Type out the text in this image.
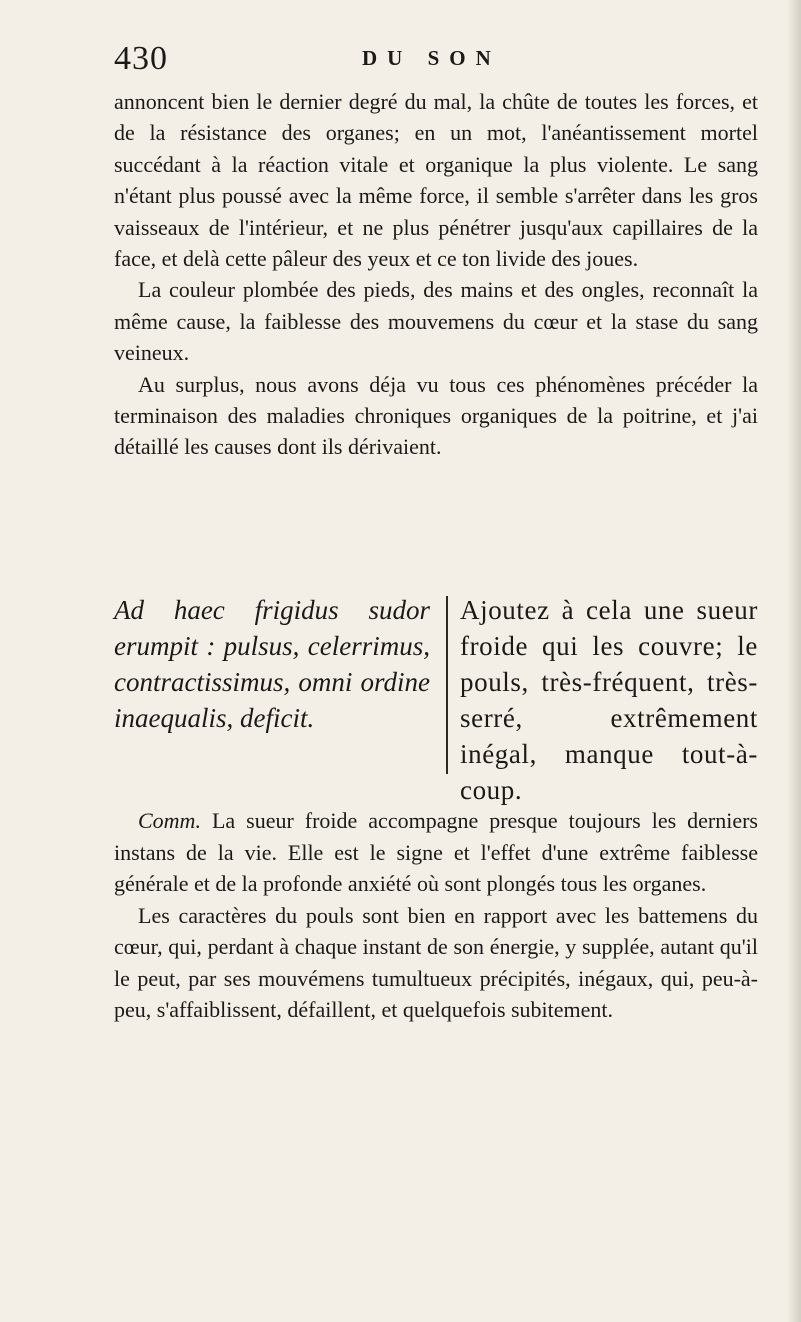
430	DU SON

annoncent bien le dernier degré du mal, la chûte de toutes les forces, et de la résistance des organes; en un mot, l'anéantissement mortel succédant à la réaction vitale et organique la plus violente. Le sang n'étant plus poussé avec la même force, il semble s'arrêter dans les gros vaisseaux de l'intérieur, et ne plus pénétrer jusqu'aux capillaires de la face, et delà cette pâleur des yeux et ce ton livide des joues.

La couleur plombée des pieds, des mains et des ongles, reconnaît la même cause, la faiblesse des mouvemens du cœur et la stase du sang veineux.

Au surplus, nous avons déja vu tous ces phénomènes précéder la terminaison des maladies chroniques organiques de la poitrine, et j'ai détaillé les causes dont ils dérivaient.

Ad haec frigidus sudor erumpit : pulsus, celerrimus, contractissimus, omni ordine inaequalis, deficit.
Ajoutez à cela une sueur froide qui les couvre; le pouls, très-fréquent, très-serré, extrêmement inégal, manque tout-à-coup.

Comm. La sueur froide accompagne presque toujours les derniers instans de la vie. Elle est le signe et l'effet d'une extrême faiblesse générale et de la profonde anxiété où sont plongés tous les organes.

Les caractères du pouls sont bien en rapport avec les battemens du cœur, qui, perdant à chaque instant de son énergie, y supplée, autant qu'il le peut, par ses mouvémens tumultueux précipités, inégaux, qui, peu-à-peu, s'affaiblissent, défaillent, et quelquefois subitement.
